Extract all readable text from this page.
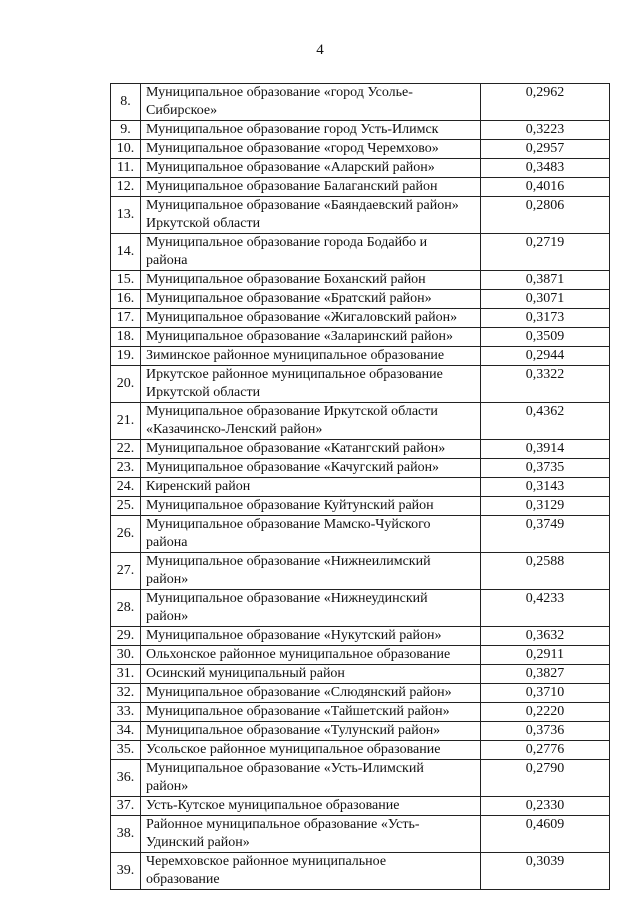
4
8.	Муниципальное образование «город Усолье-
Сибирское»	0,2962
9.	Муниципальное образование город Усть-Илимск	0,3223
10.	Муниципальное образование «город Черемхово»	0,2957
11.	Муниципальное образование «Аларский район»	0,3483
12.	Муниципальное образование Балаганский район	0,4016
13.	Муниципальное образование «Баяндаевский район»
Иркутской области	0,2806
14.	Муниципальное образование города Бодайбо и
района	0,2719
15.	Муниципальное образование Боханский район	0,3871
16.	Муниципальное образование «Братский район»	0,3071
17.	Муниципальное образование «Жигаловский район»	0,3173
18.	Муниципальное образование «Заларинский район»	0,3509
19.	Зиминское районное муниципальное образование	0,2944
20.	Иркутское районное муниципальное образование
Иркутской области	0,3322
21.	Муниципальное образование Иркутской области
«Казачинско-Ленский район»	0,4362
22.	Муниципальное образование «Катангский район»	0,3914
23.	Муниципальное образование «Качугский район»	0,3735
24.	Киренский район	0,3143
25.	Муниципальное образование Куйтунский район	0,3129
26.	Муниципальное образование Мамско-Чуйского
района	0,3749
27.	Муниципальное образование «Нижнеилимский
район»	0,2588
28.	Муниципальное образование «Нижнеудинский
район»	0,4233
29.	Муниципальное образование «Нукутский район»	0,3632
30.	Ольхонское районное муниципальное образование	0,2911
31.	Осинский муниципальный район	0,3827
32.	Муниципальное образование «Слюдянский район»	0,3710
33.	Муниципальное образование «Тайшетский район»	0,2220
34.	Муниципальное образование «Тулунский район»	0,3736
35.	Усольское районное муниципальное образование	0,2776
36.	Муниципальное образование «Усть-Илимский
район»	0,2790
37.	Усть-Кутское муниципальное образование	0,2330
38.	Районное муниципальное образование «Усть-
Удинский район»	0,4609
39.	Черемховское районное муниципальное
образование	0,3039
